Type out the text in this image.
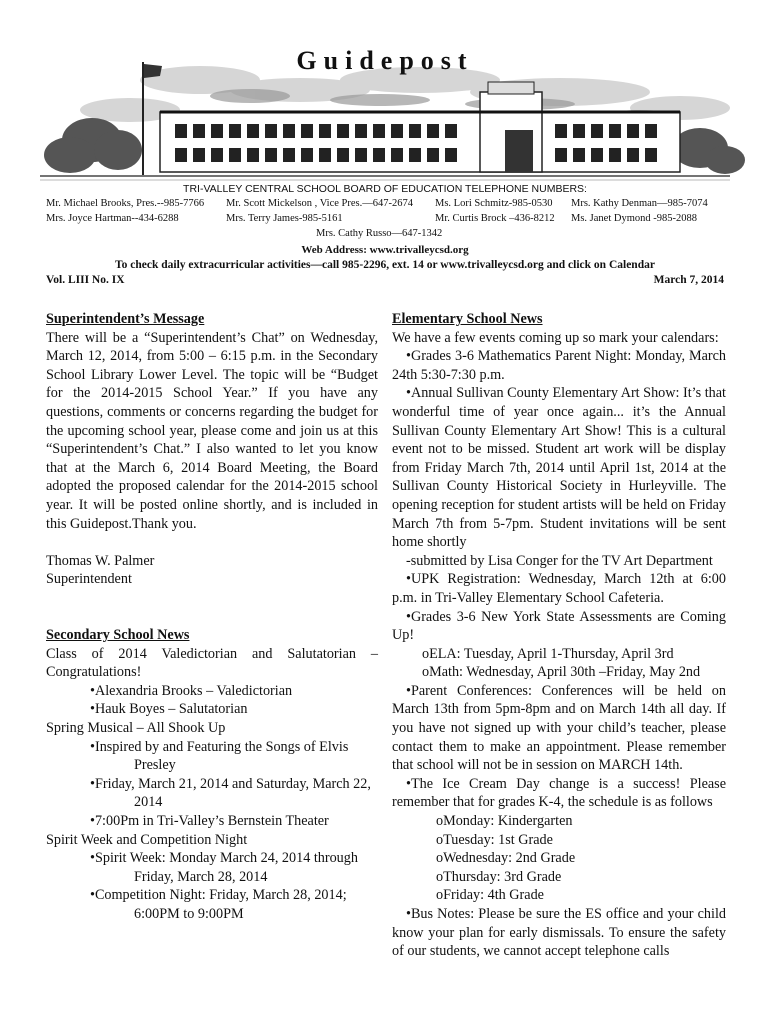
Guidepost
TRI-VALLEY CENTRAL SCHOOL BOARD OF EDUCATION TELEPHONE NUMBERS:
Mr. Michael Brooks, Pres.--985-7766 Mr. Scott Mickelson , Vice Pres.—647-2674 Ms. Lori Schmitz-985-0530 Mrs. Kathy Denman—985-7074
Mrs. Joyce Hartman--434-6288	Mrs. Terry James-985-5161	Mr. Curtis Brock –436-8212 Ms. Janet Dymond -985-2088
Mrs. Cathy Russo—647-1342
Web Address: www.trivalleycsd.org
To check daily extracurricular activities—call 985-2296, ext. 14 or www.trivalleycsd.org and click on Calendar
Vol. LIII No. IX	March 7, 2014

Superintendent’s Message

There will be a “Superintendent’s Chat” on Wednesday, March 12, 2014, from 5:00 – 6:15 p.m. in the Secondary School Library Lower Level. The topic will be “Budget for the 2014-2015 School Year.” If you have any questions, comments or concerns regarding the budget for the upcoming school year, please come and join us at this “Superintendent’s Chat.” I also wanted to let you know that at the March 6, 2014 Board Meeting, the Board adopted the proposed calendar for the 2014-2015 school year. It will be posted online shortly, and is included in this Guidepost.Thank you.

Thomas W. Palmer

Superintendent

Secondary School News

Class of 2014 Valedictorian and Salutatorian – Congratulations!

•Alexandria Brooks – Valedictorian

•Hauk Boyes – Salutatorian

Spring Musical – All Shook Up

•Inspired by and Featuring the Songs of Elvis Presley

•Friday, March 21, 2014 and Saturday, March 22, 2014

•7:00Pm in Tri-Valley’s Bernstein Theater

Spirit Week and Competition Night

•Spirit Week: Monday March 24, 2014 through Friday, March 28, 2014

•Competition Night: Friday, March 28, 2014; 6:00PM to 9:00PM

Elementary School News

We have a few events coming up so mark your calendars:

•Grades 3-6 Mathematics Parent Night: Monday, March 24th 5:30-7:30 p.m.

•Annual Sullivan County Elementary Art Show: It’s that wonderful time of year once again... it’s the Annual Sullivan County Elementary Art Show! This is a cultural event not to be missed. Student art work will be display from Friday March 7th, 2014 until April 1st, 2014 at the Sullivan County Historical Society in Hurleyville. The opening reception for student artists will be held on Friday March 7th from 5-7pm. Student invitations will be sent home shortly

-submitted by Lisa Conger for the TV Art Department

•UPK Registration: Wednesday, March 12th at 6:00 p.m. in Tri-Valley Elementary School Cafeteria.

•Grades 3-6 New York State Assessments are Coming Up!

oELA: Tuesday, April 1-Thursday, April 3rd

oMath: Wednesday, April 30th –Friday, May 2nd

•Parent Conferences: Conferences will be held on March 13th from 5pm-8pm and on March 14th all day. If you have not signed up with your child’s teacher, please contact them to make an appointment. Please remember that school will not be in session on MARCH 14th.

•The Ice Cream Day change is a success! Please remember that for grades K-4, the schedule is as follows

oMonday: Kindergarten

oTuesday: 1st Grade

oWednesday: 2nd Grade

oThursday: 3rd Grade

oFriday: 4th Grade

•Bus Notes: Please be sure the ES office and your child know your plan for early dismissals. To ensure the safety of our students, we cannot accept telephone calls
